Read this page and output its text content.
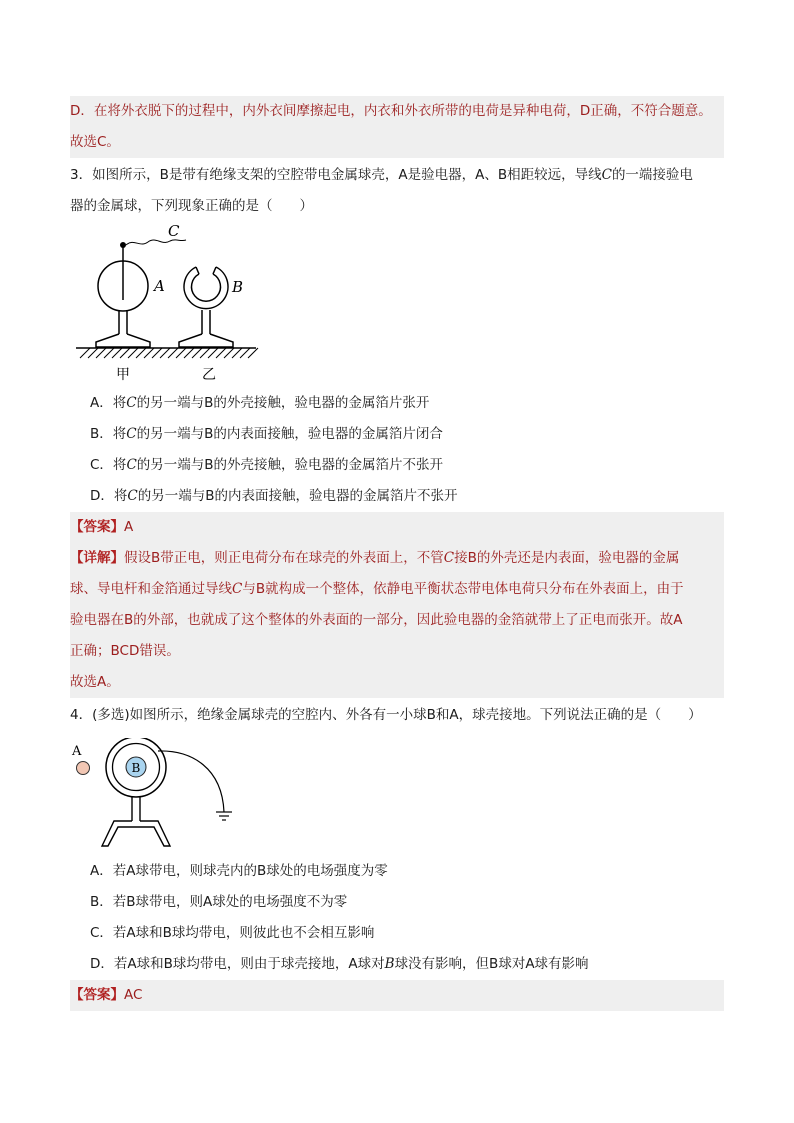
D．在将外衣脱下的过程中，内外衣间摩擦起电，内衣和外衣所带的电荷是异种电荷，D正确，不符合题意。
故选C。
3．如图所示，B是带有绝缘支架的空腔带电金属球壳，A是验电器，A、B相距较远，导线C的一端接验电
器的金属球，下列现象正确的是（　　）
C
A	B
甲	乙
A．将C的另一端与B的外壳接触，验电器的金属箔片张开
B．将C的另一端与B的内表面接触，验电器的金属箔片闭合
C．将C的另一端与B的外壳接触，验电器的金属箔片不张开
D．将C的另一端与B的内表面接触，验电器的金属箔片不张开
【答案】A
【详解】假设B带正电，则正电荷分布在球壳的外表面上，不管C接B的外壳还是内表面，验电器的金属
球、导电杆和金箔通过导线C与B就构成一个整体，依静电平衡状态带电体电荷只分布在外表面上，由于
验电器在B的外部，也就成了这个整体的外表面的一部分，因此验电器的金箔就带上了正电而张开。故A
正确；BCD错误。
故选A。
4．(多选)如图所示，绝缘金属球壳的空腔内、外各有一小球B和A，球壳接地。下列说法正确的是（　　）
A
B
A．若A球带电，则球壳内的B球处的电场强度为零
B．若B球带电，则A球处的电场强度不为零
C．若A球和B球均带电，则彼此也不会相互影响
D．若A球和B球均带电，则由于球壳接地，A球对B球没有影响，但B球对A球有影响
【答案】AC
